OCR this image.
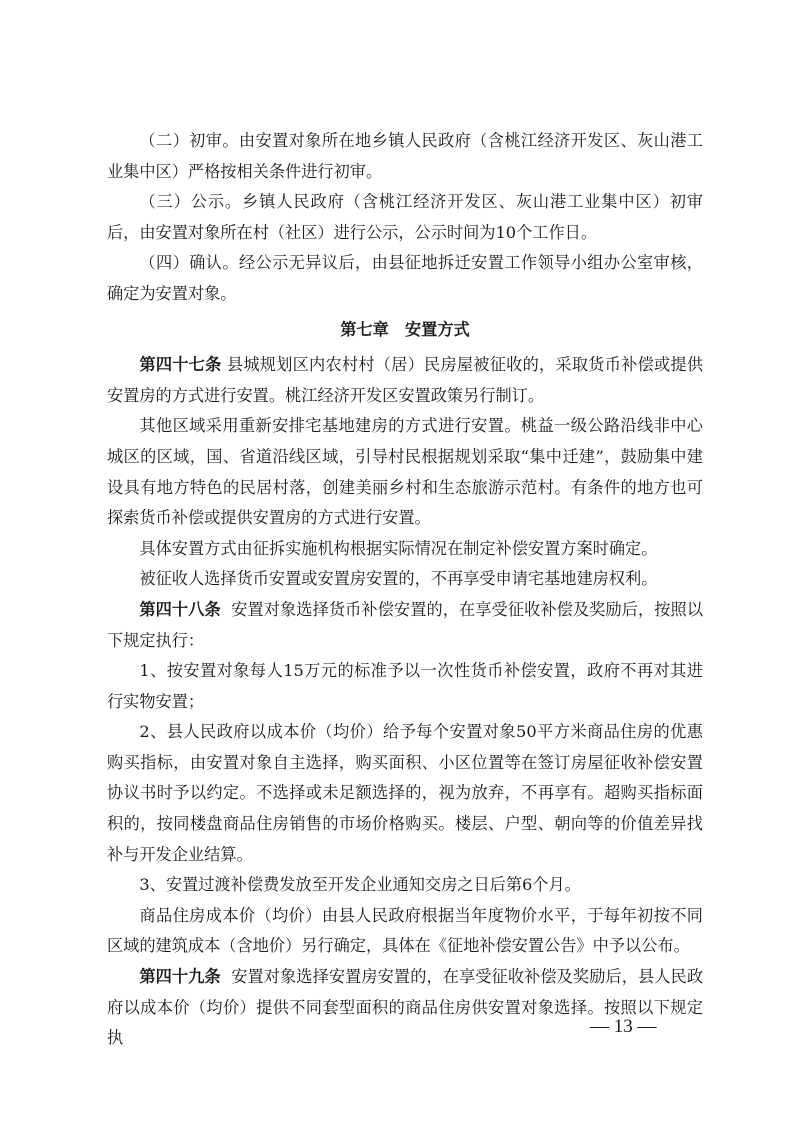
（二）初审。由安置对象所在地乡镇人民政府（含桃江经济开发区、灰山港工业集中区）严格按相关条件进行初审。

（三）公示。乡镇人民政府（含桃江经济开发区、灰山港工业集中区）初审后，由安置对象所在村（社区）进行公示，公示时间为10个工作日。

（四）确认。经公示无异议后，由县征地拆迁安置工作领导小组办公室审核，确定为安置对象。

第七章　安置方式

第四十七条 县城规划区内农村村（居）民房屋被征收的，采取货币补偿或提供安置房的方式进行安置。桃江经济开发区安置政策另行制订。

其他区域采用重新安排宅基地建房的方式进行安置。桃益一级公路沿线非中心城区的区域，国、省道沿线区域，引导村民根据规划采取“集中迁建”，鼓励集中建设具有地方特色的民居村落，创建美丽乡村和生态旅游示范村。有条件的地方也可探索货币补偿或提供安置房的方式进行安置。

具体安置方式由征拆实施机构根据实际情况在制定补偿安置方案时确定。

被征收人选择货币安置或安置房安置的，不再享受申请宅基地建房权利。

第四十八条 安置对象选择货币补偿安置的，在享受征收补偿及奖励后，按照以下规定执行：

1、按安置对象每人15万元的标准予以一次性货币补偿安置，政府不再对其进行实物安置；

2、县人民政府以成本价（均价）给予每个安置对象50平方米商品住房的优惠购买指标，由安置对象自主选择，购买面积、小区位置等在签订房屋征收补偿安置协议书时予以约定。不选择或未足额选择的，视为放弃，不再享有。超购买指标面积的，按同楼盘商品住房销售的市场价格购买。楼层、户型、朝向等的价值差异找补与开发企业结算。

3、安置过渡补偿费发放至开发企业通知交房之日后第6个月。

商品住房成本价（均价）由县人民政府根据当年度物价水平，于每年初按不同区域的建筑成本（含地价）另行确定，具体在《征地补偿安置公告》中予以公布。

第四十九条 安置对象选择安置房安置的，在享受征收补偿及奖励后，县人民政府以成本价（均价）提供不同套型面积的商品住房供安置对象选择。按照以下规定执

— 13 —
